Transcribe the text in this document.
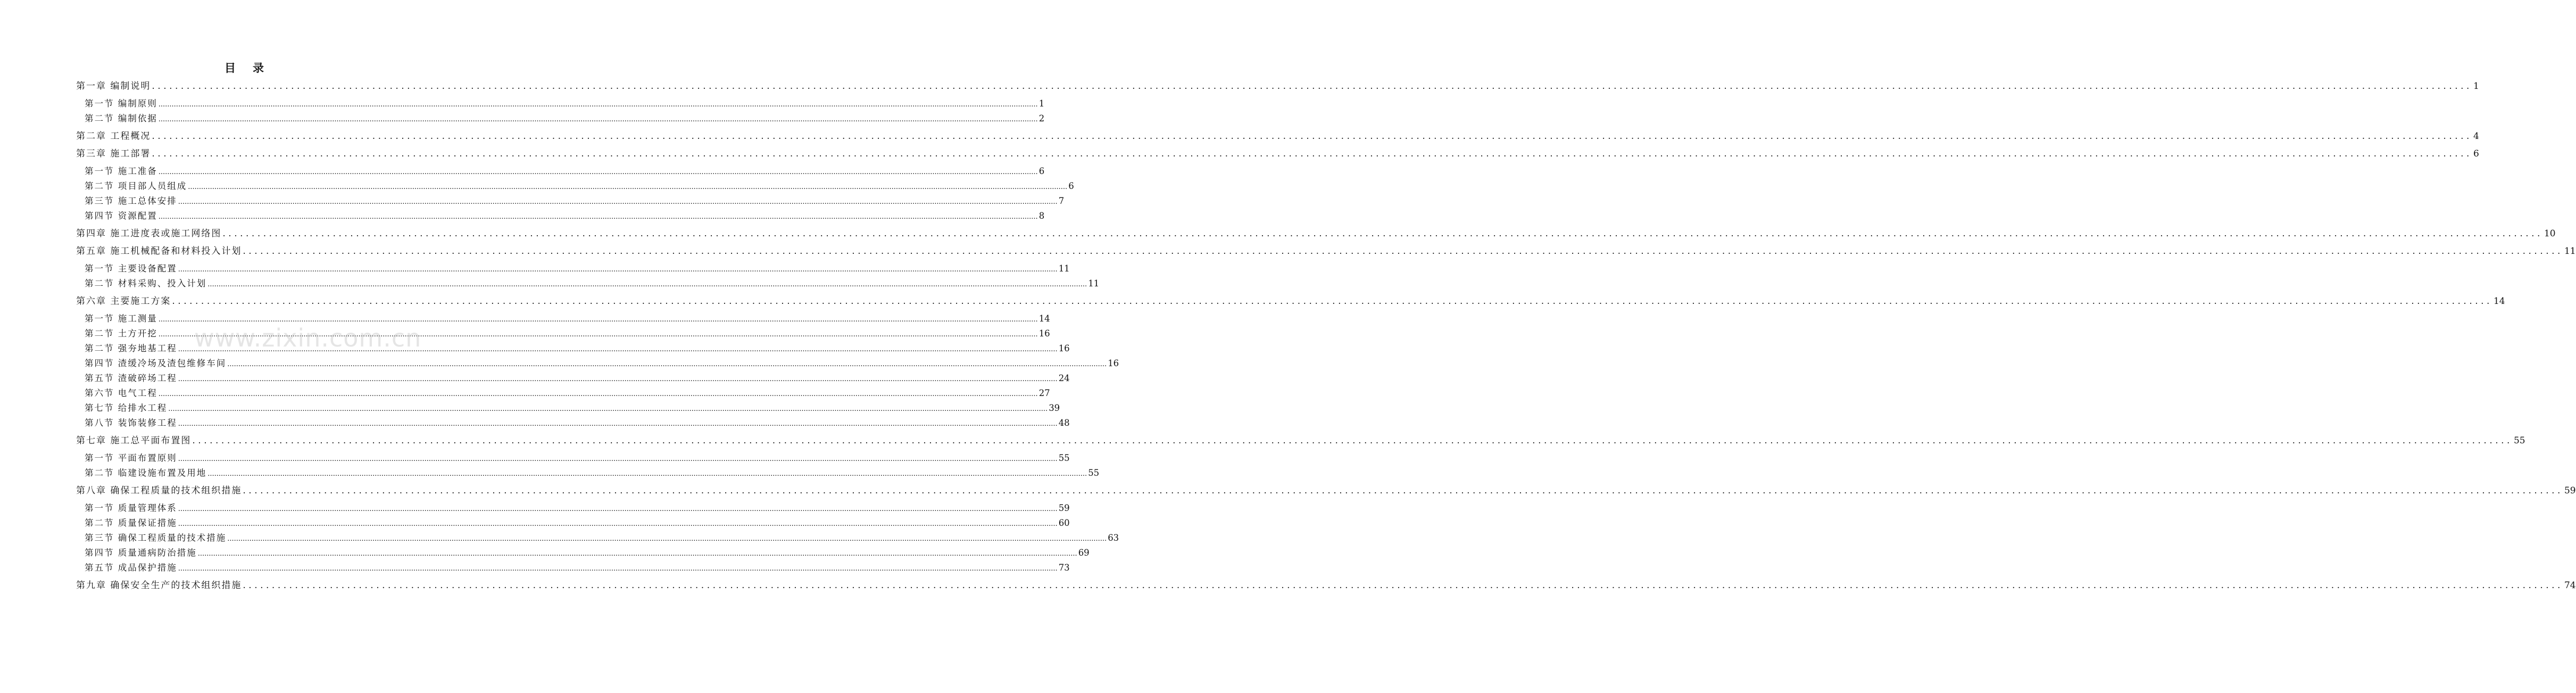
目 录
第一章 编制说明 ................................................................................................................................................................................................................................................................................................................................................................................................................ 1
第一节 编制原则 ................................................................................................................................................................................................................................................................................................................................................................................................................ 1
第二节 编制依据 ................................................................................................................................................................................................................................................................................................................................................................................................................ 2
第二章 工程概况 ................................................................................................................................................................................................................................................................................................................................................................................................................ 4
第三章 施工部署 ................................................................................................................................................................................................................................................................................................................................................................................................................ 6
第一节 施工准备 ................................................................................................................................................................................................................................................................................................................................................................................................................ 6
第二节 项目部人员组成 ................................................................................................................................................................................................................................................................................................................................................................................................................ 6
第三节 施工总体安排 ................................................................................................................................................................................................................................................................................................................................................................................................................ 7
第四节 资源配置 ................................................................................................................................................................................................................................................................................................................................................................................................................ 8
第四章 施工进度表或施工网络图 ................................................................................................................................................................................................................................................................................................................................................................................................................ 10
第五章 施工机械配备和材料投入计划 ................................................................................................................................................................................................................................................................................................................................................................................................................ 11
第一节 主要设备配置 ................................................................................................................................................................................................................................................................................................................................................................................................................ 11
第二节 材料采购、投入计划 ................................................................................................................................................................................................................................................................................................................................................................................................................ 11
第六章 主要施工方案 ................................................................................................................................................................................................................................................................................................................................................................................................................ 14
第一节 施工测量 ................................................................................................................................................................................................................................................................................................................................................................................................................ 14
第二节 土方开挖 ................................................................................................................................................................................................................................................................................................................................................................................................................ 16
第二节 强夯地基工程 ................................................................................................................................................................................................................................................................................................................................................................................................................ 16
第四节 渣缓冷场及渣包维修车间 ................................................................................................................................................................................................................................................................................................................................................................................................................ 16
第五节 渣破碎场工程 ................................................................................................................................................................................................................................................................................................................................................................................................................ 24
第六节 电气工程 ................................................................................................................................................................................................................................................................................................................................................................................................................ 27
第七节 给排水工程 ................................................................................................................................................................................................................................................................................................................................................................................................................ 39
第八节 装饰装修工程 ................................................................................................................................................................................................................................................................................................................................................................................................................ 48
第七章 施工总平面布置图 ................................................................................................................................................................................................................................................................................................................................................................................................................ 55
第一节 平面布置原则 ................................................................................................................................................................................................................................................................................................................................................................................................................ 55
第二节 临建设施布置及用地 ................................................................................................................................................................................................................................................................................................................................................................................................................ 55
第八章 确保工程质量的技术组织措施 ................................................................................................................................................................................................................................................................................................................................................................................................................ 59
第一节 质量管理体系 ................................................................................................................................................................................................................................................................................................................................................................................................................ 59
第二节 质量保证措施 ................................................................................................................................................................................................................................................................................................................................................................................................................ 60
第三节 确保工程质量的技术措施 ................................................................................................................................................................................................................................................................................................................................................................................................................ 63
第四节 质量通病防治措施 ................................................................................................................................................................................................................................................................................................................................................................................................................ 69
第五节 成品保护措施 ................................................................................................................................................................................................................................................................................................................................................................................................................ 73
第九章 确保安全生产的技术组织措施 ................................................................................................................................................................................................................................................................................................................................................................................................................ 74
www.zixin.com.cn
